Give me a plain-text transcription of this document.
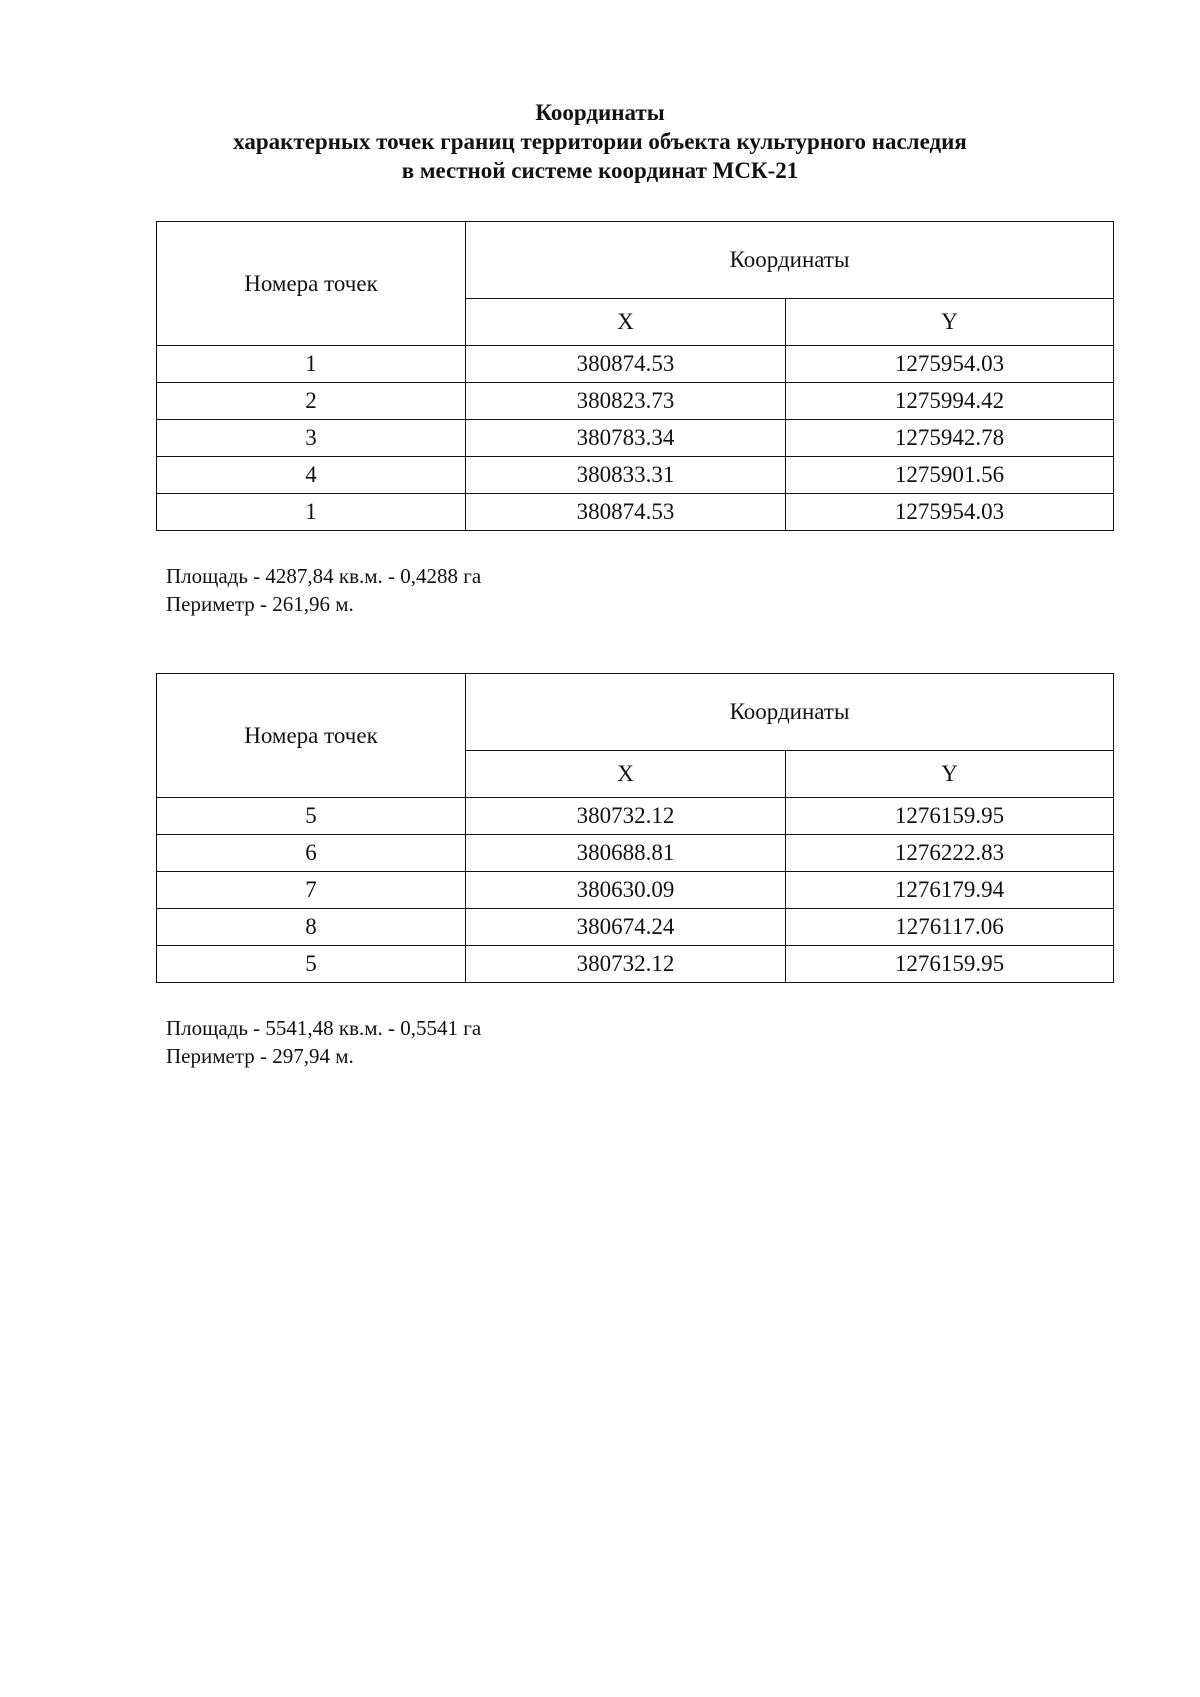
Координаты
характерных точек границ территории объекта культурного наследия
в местной системе координат МСК-21
Номера точек	Координаты	
	X	Y
1	380874.53	1275954.03
2	380823.73	1275994.42
3	380783.34	1275942.78
4	380833.31	1275901.56
1	380874.53	1275954.03
Площадь - 4287,84 кв.м. - 0,4288 га
Периметр - 261,96 м.
Номера точек	Координаты	
	X	Y
5	380732.12	1276159.95
6	380688.81	1276222.83
7	380630.09	1276179.94
8	380674.24	1276117.06
5	380732.12	1276159.95
Площадь - 5541,48 кв.м. - 0,5541 га
Периметр - 297,94 м.
